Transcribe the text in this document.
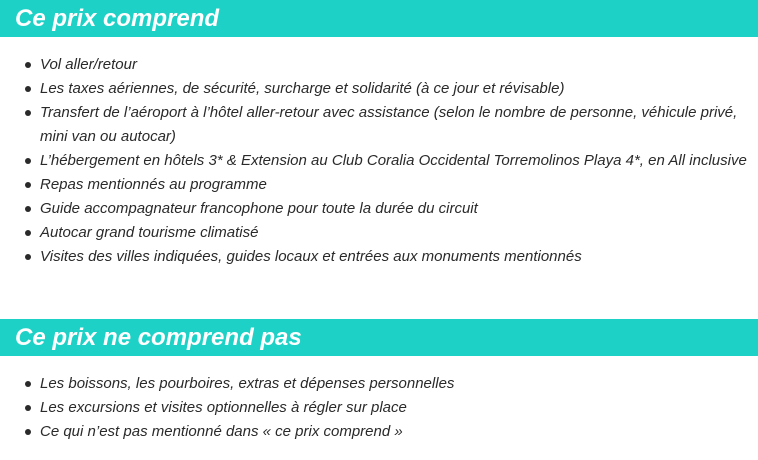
Ce prix comprend
Vol aller/retour
Les taxes aériennes, de sécurité, surcharge et solidarité (à ce jour et révisable)
Transfert de l’aéroport à l’hôtel aller-retour avec assistance (selon le nombre de personne, véhicule privé, mini van ou autocar)
L’hébergement en hôtels 3* & Extension au Club Coralia Occidental Torremolinos Playa 4*, en All inclusive
Repas mentionnés au programme
Guide accompagnateur francophone pour toute la durée du circuit
Autocar grand tourisme climatisé
Visites des villes indiquées, guides locaux et entrées aux monuments mentionnés
Ce prix ne comprend pas
Les boissons, les pourboires, extras et dépenses personnelles
Les excursions et visites optionnelles à régler sur place
Ce qui n’est pas mentionné dans « ce prix comprend »
